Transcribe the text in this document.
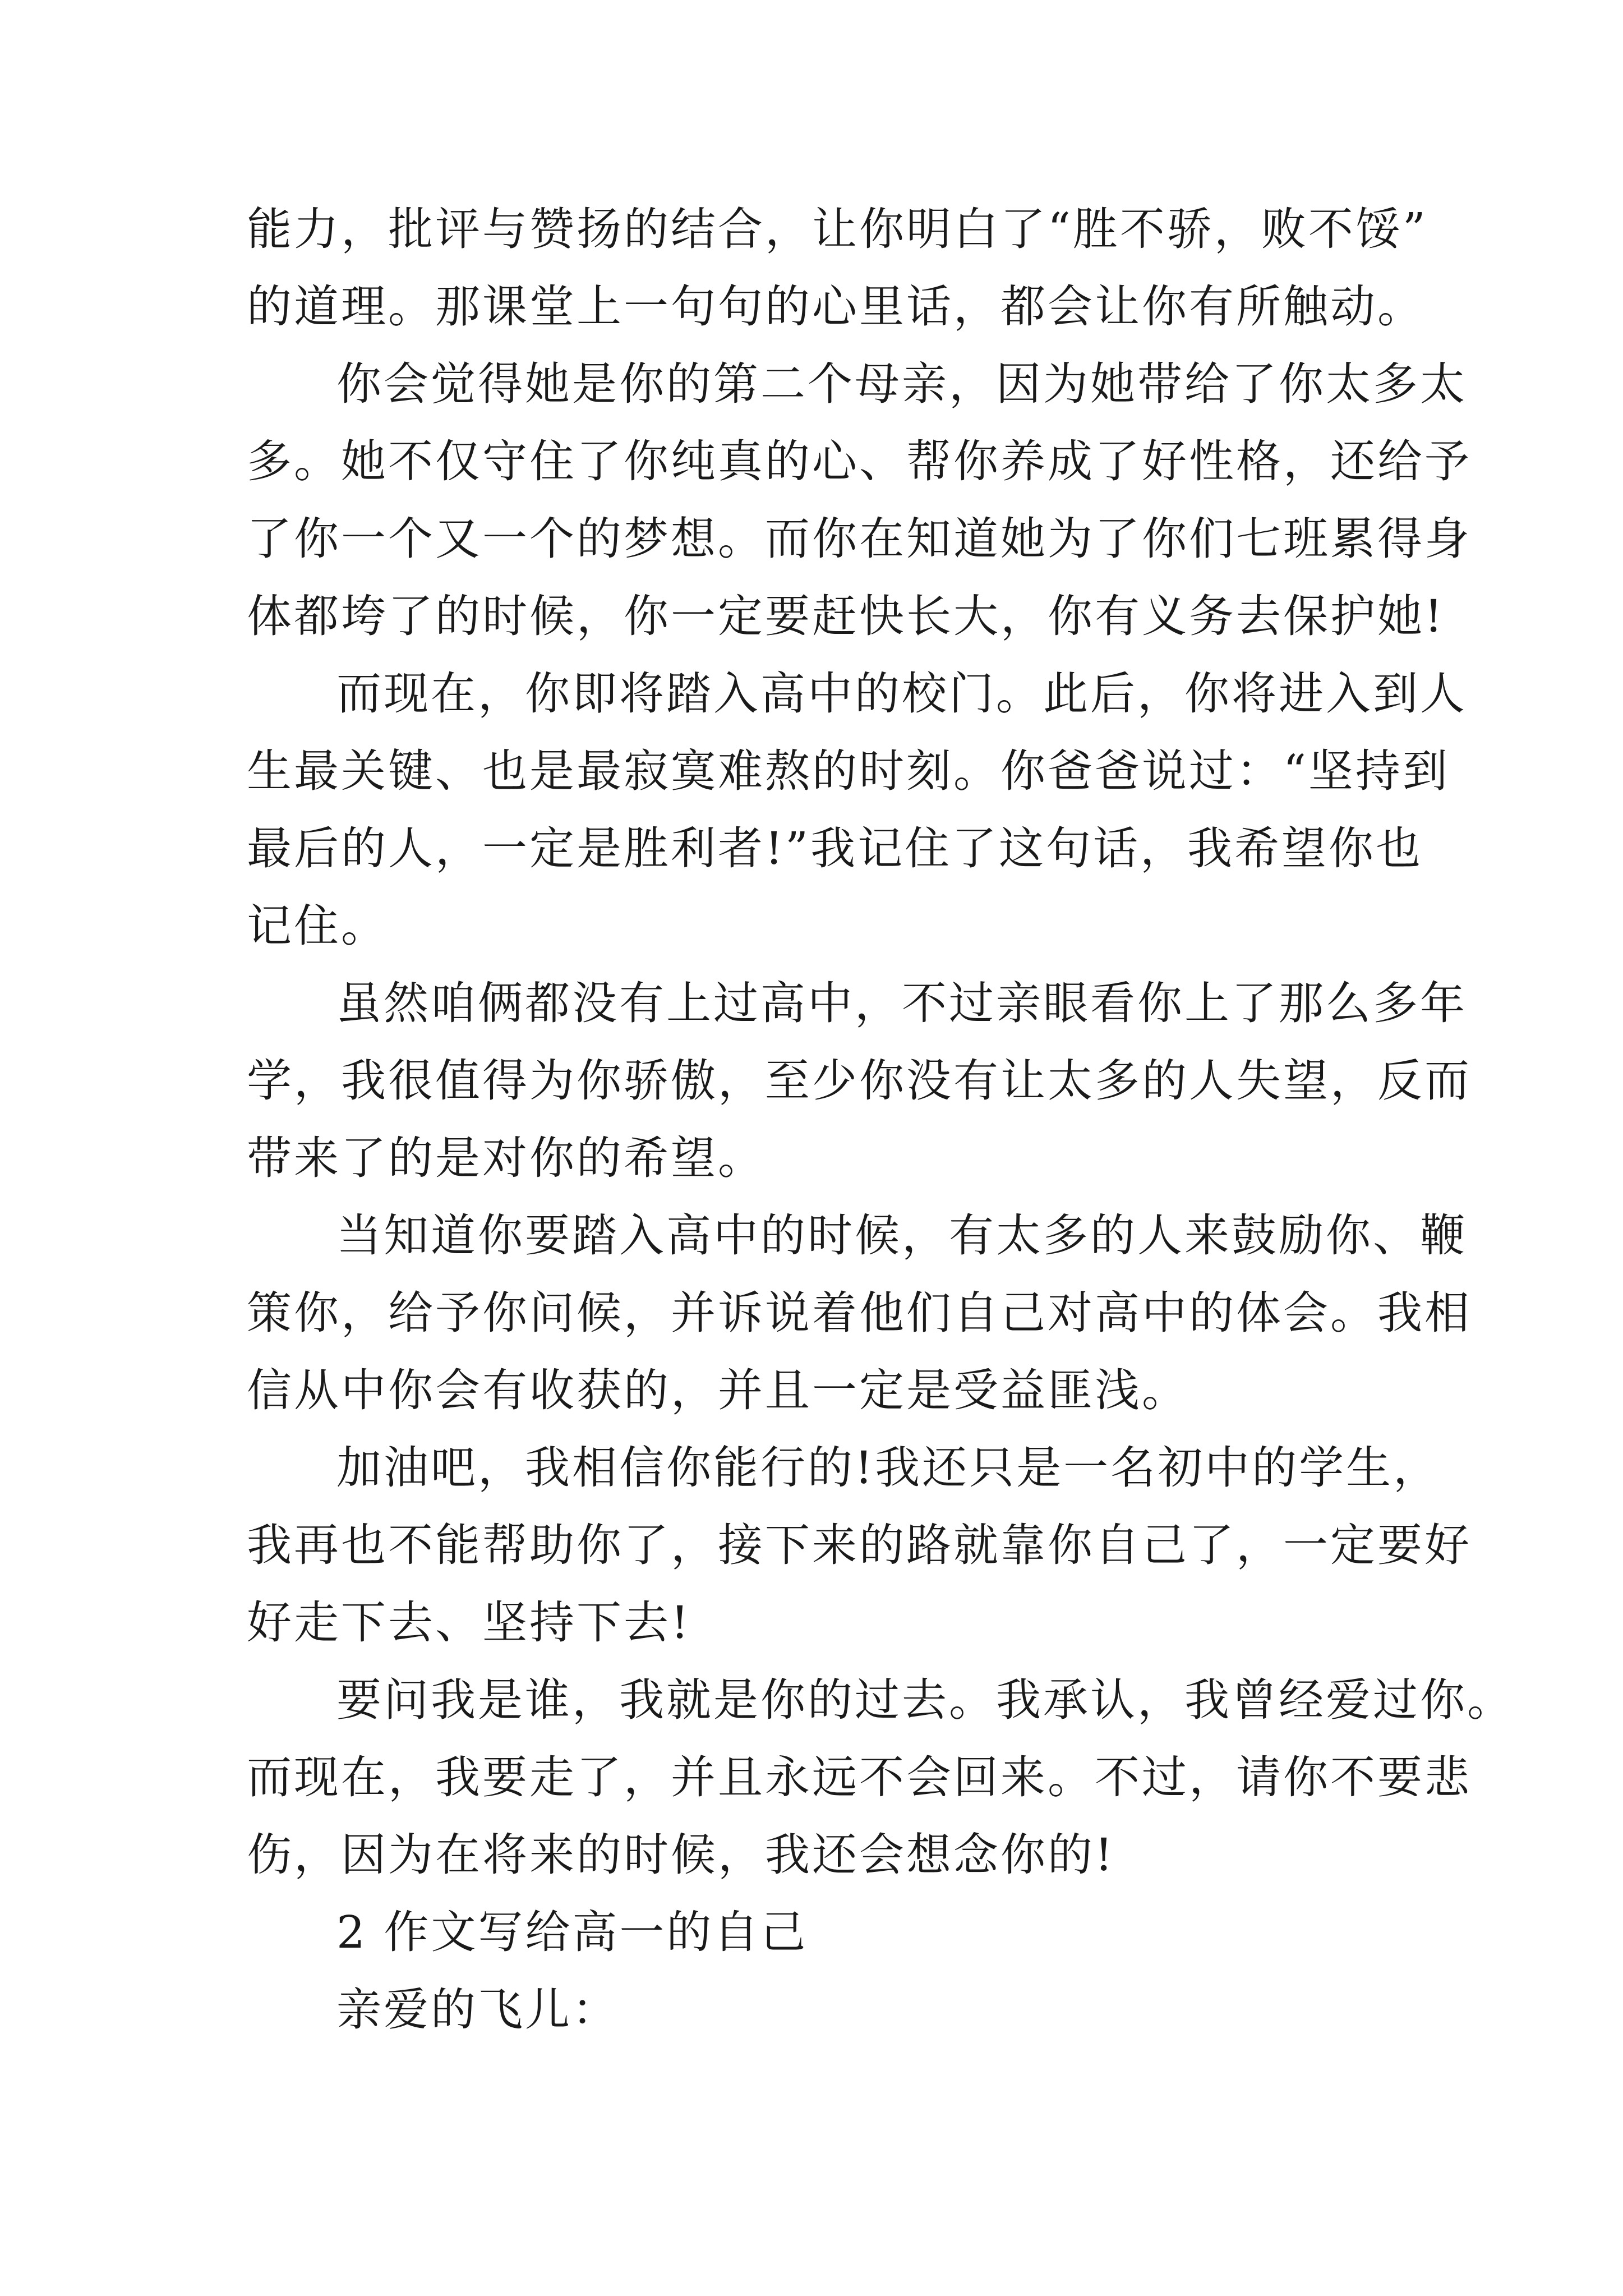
能力，批评与赞扬的结合，让你明白了“胜不骄，败不馁”
的道理。那课堂上一句句的心里话，都会让你有所触动。
你会觉得她是你的第二个母亲，因为她带给了你太多太
多。她不仅守住了你纯真的心、帮你养成了好性格，还给予
了你一个又一个的梦想。而你在知道她为了你们七班累得身
体都垮了的时候，你一定要赶快长大，你有义务去保护她!
而现在，你即将踏入高中的校门。此后，你将进入到人
生最关键、也是最寂寞难熬的时刻。你爸爸说过：“坚持到
最后的人，一定是胜利者!”我记住了这句话，我希望你也
记住。
虽然咱俩都没有上过高中，不过亲眼看你上了那么多年
学，我很值得为你骄傲，至少你没有让太多的人失望，反而
带来了的是对你的希望。
当知道你要踏入高中的时候，有太多的人来鼓励你、鞭
策你，给予你问候，并诉说着他们自己对高中的体会。我相
信从中你会有收获的，并且一定是受益匪浅。
加油吧，我相信你能行的!我还只是一名初中的学生，
我再也不能帮助你了，接下来的路就靠你自己了，一定要好
好走下去、坚持下去!
要问我是谁，我就是你的过去。我承认，我曾经爱过你。
而现在，我要走了，并且永远不会回来。不过，请你不要悲
伤，因为在将来的时候，我还会想念你的!
2 作文写给高一的自己
亲爱的飞儿：
